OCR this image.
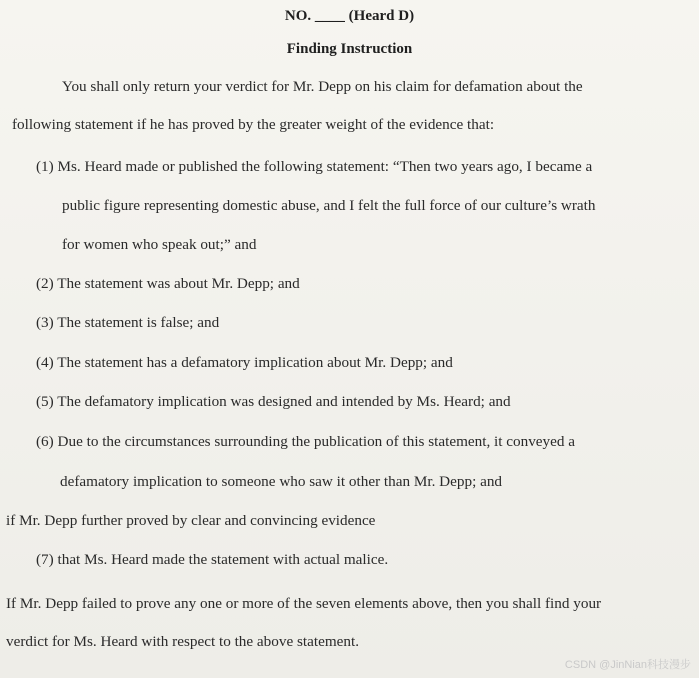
NO. ____ (Heard D)
Finding Instruction
You shall only return your verdict for Mr. Depp on his claim for defamation about the
following statement if he has proved by the greater weight of the evidence that:
(1) Ms. Heard made or published the following statement: “Then two years ago, I became a
public figure representing domestic abuse, and I felt the full force of our culture’s wrath
for women who speak out;” and
(2) The statement was about Mr. Depp; and
(3) The statement is false; and
(4) The statement has a defamatory implication about Mr. Depp; and
(5) The defamatory implication was designed and intended by Ms. Heard; and
(6) Due to the circumstances surrounding the publication of this statement, it conveyed a
defamatory implication to someone who saw it other than Mr. Depp; and
if Mr. Depp further proved by clear and convincing evidence
(7) that Ms. Heard made the statement with actual malice.
If Mr. Depp failed to prove any one or more of the seven elements above, then you shall find your
verdict for Ms. Heard with respect to the above statement.
CSDN @JinNian科技漫步
